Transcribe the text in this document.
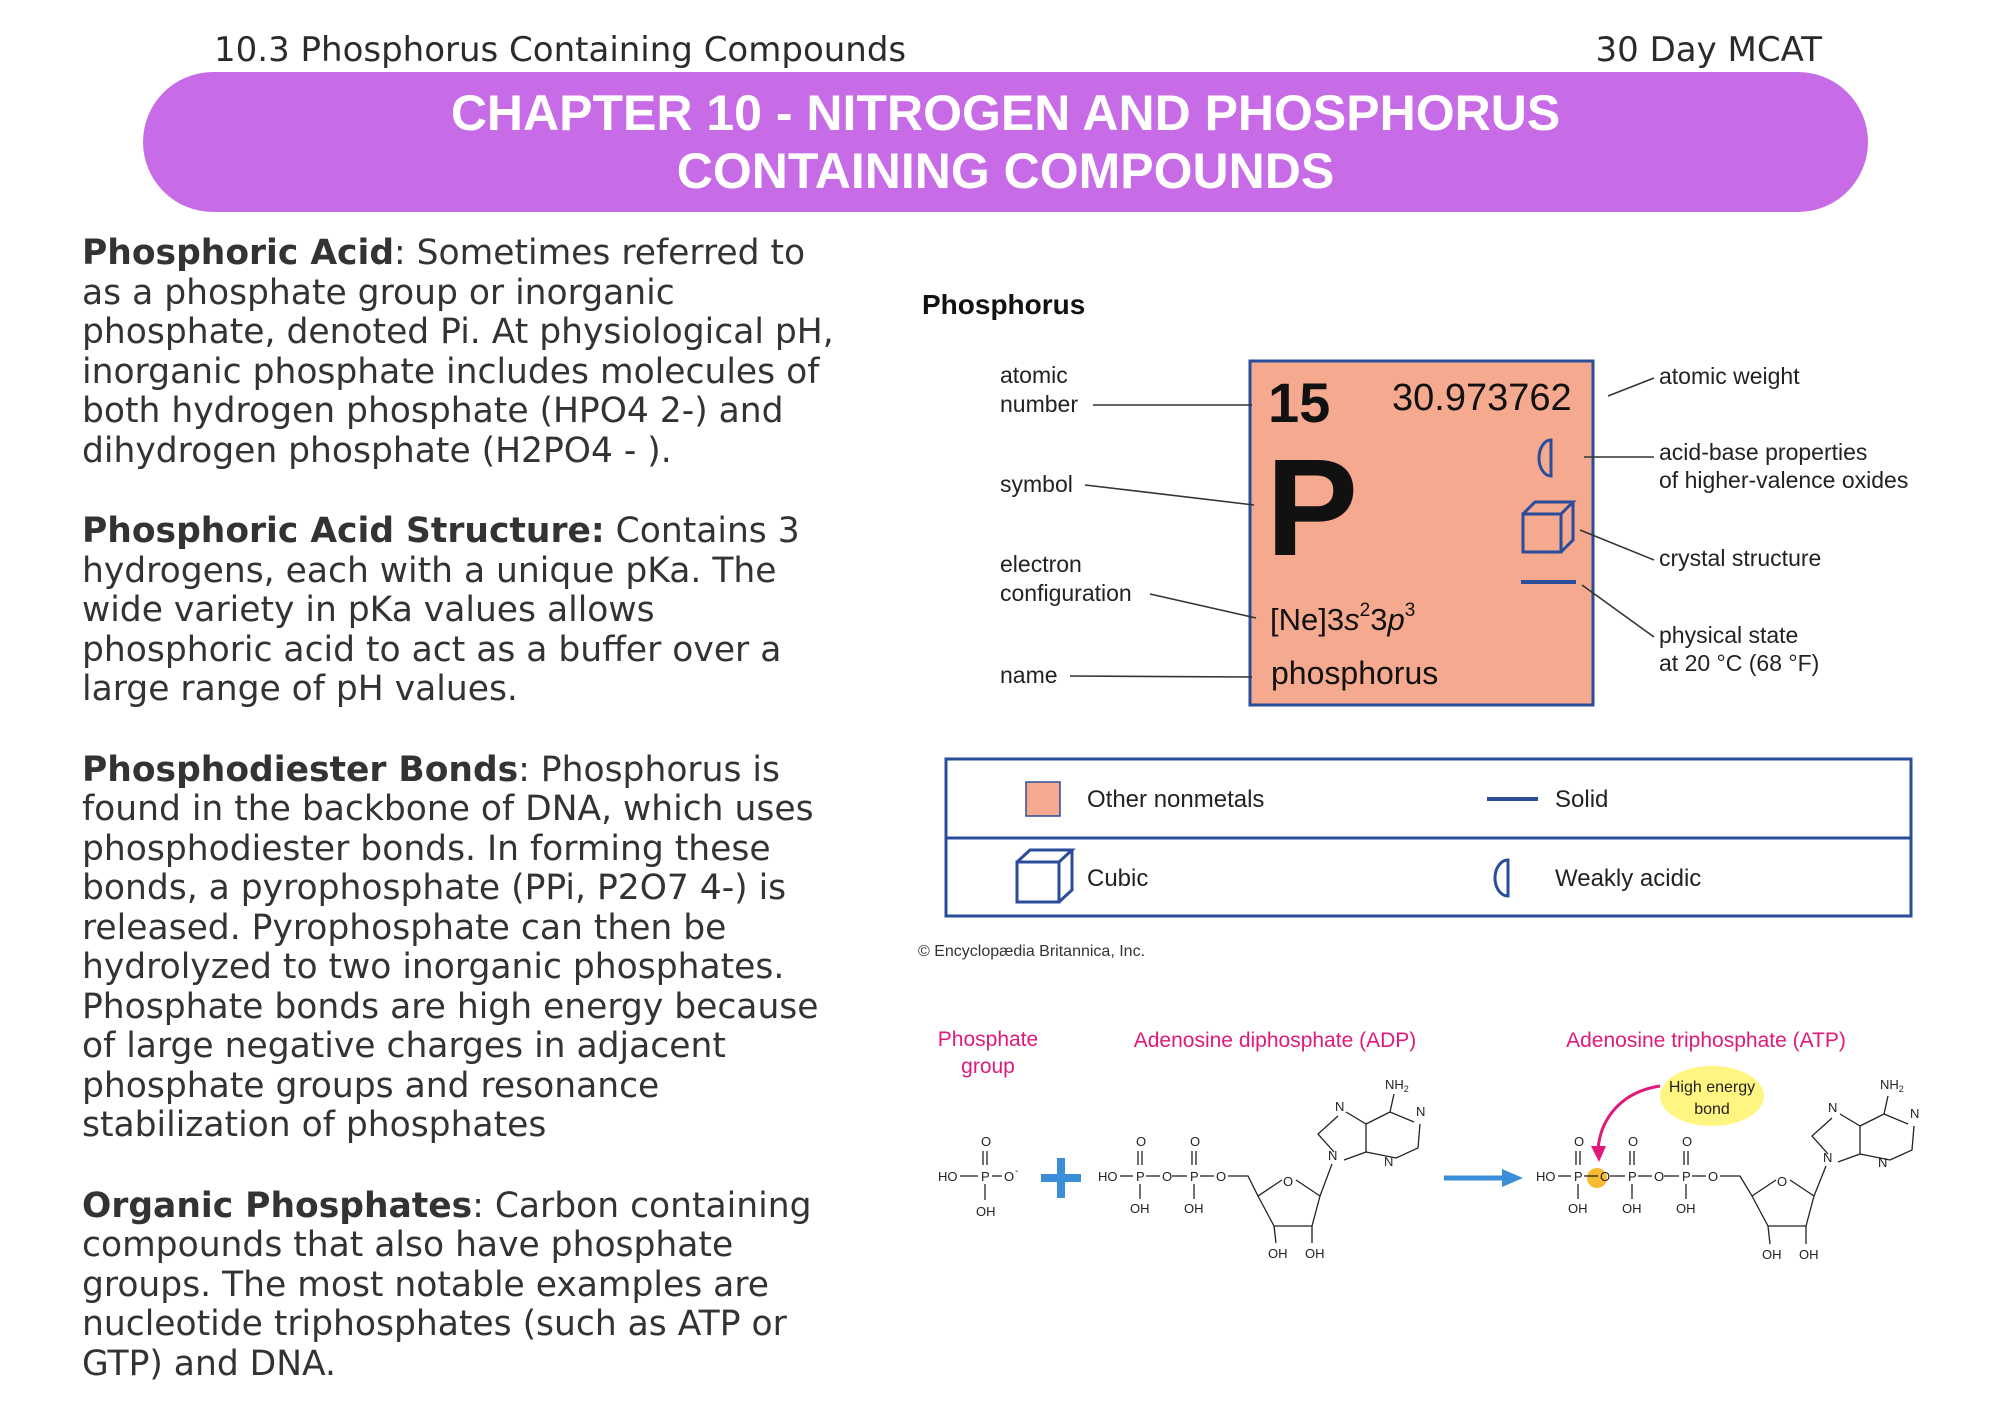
10.3 Phosphorus Containing Compounds	30 Day MCAT
CHAPTER 10 - NITROGEN AND PHOSPHORUS CONTAINING COMPOUNDS

Phosphoric Acid: Sometimes referred to as a phosphate group or inorganic phosphate, denoted Pi. At physiological pH, inorganic phosphate includes molecules of both hydrogen phosphate (HPO4 2-) and dihydrogen phosphate (H2PO4 - ).

Phosphoric Acid Structure: Contains 3 hydrogens, each with a unique pKa. The wide variety in pKa values allows phosphoric acid to act as a buffer over a large range of pH values.

Phosphodiester Bonds: Phosphorus is found in the backbone of DNA, which uses phosphodiester bonds. In forming these bonds, a pyrophosphate (PPi, P2O7 4-) is released. Pyrophosphate can then be hydrolyzed to two inorganic phosphates. Phosphate bonds are high energy because of large negative charges in adjacent phosphate groups and resonance stabilization of phosphates

Organic Phosphates: Carbon containing compounds that also have phosphate groups. The most notable examples are nucleotide triphosphates (such as ATP or GTP) and DNA.

Phosphorus
15 30.973762
P
$[Ne]3s^23p^3$
phosphorus
atomic
number
symbol
electron
configuration
name
atomic weight
acid-base properties
of higher-valence oxides
crystal structure
physical state
at 20 °C (68 °F)
Other nonmetals	Solid
Cubic	Weakly acidic
© Encyclopædia Britannica, Inc.
Phosphate
group
Adenosine diphosphate (ADP)	Adenosine triphosphate (ATP)
HO P O -
O
OH
HO P O P O
O	O
OH	OH
OH OH
O
$NH_2$
N	N
N
N
High energy
bond
HO P O P O P O
O	O	O
OH	OH	OH
OH OH
O
$NH_2$
N	N
N
N
